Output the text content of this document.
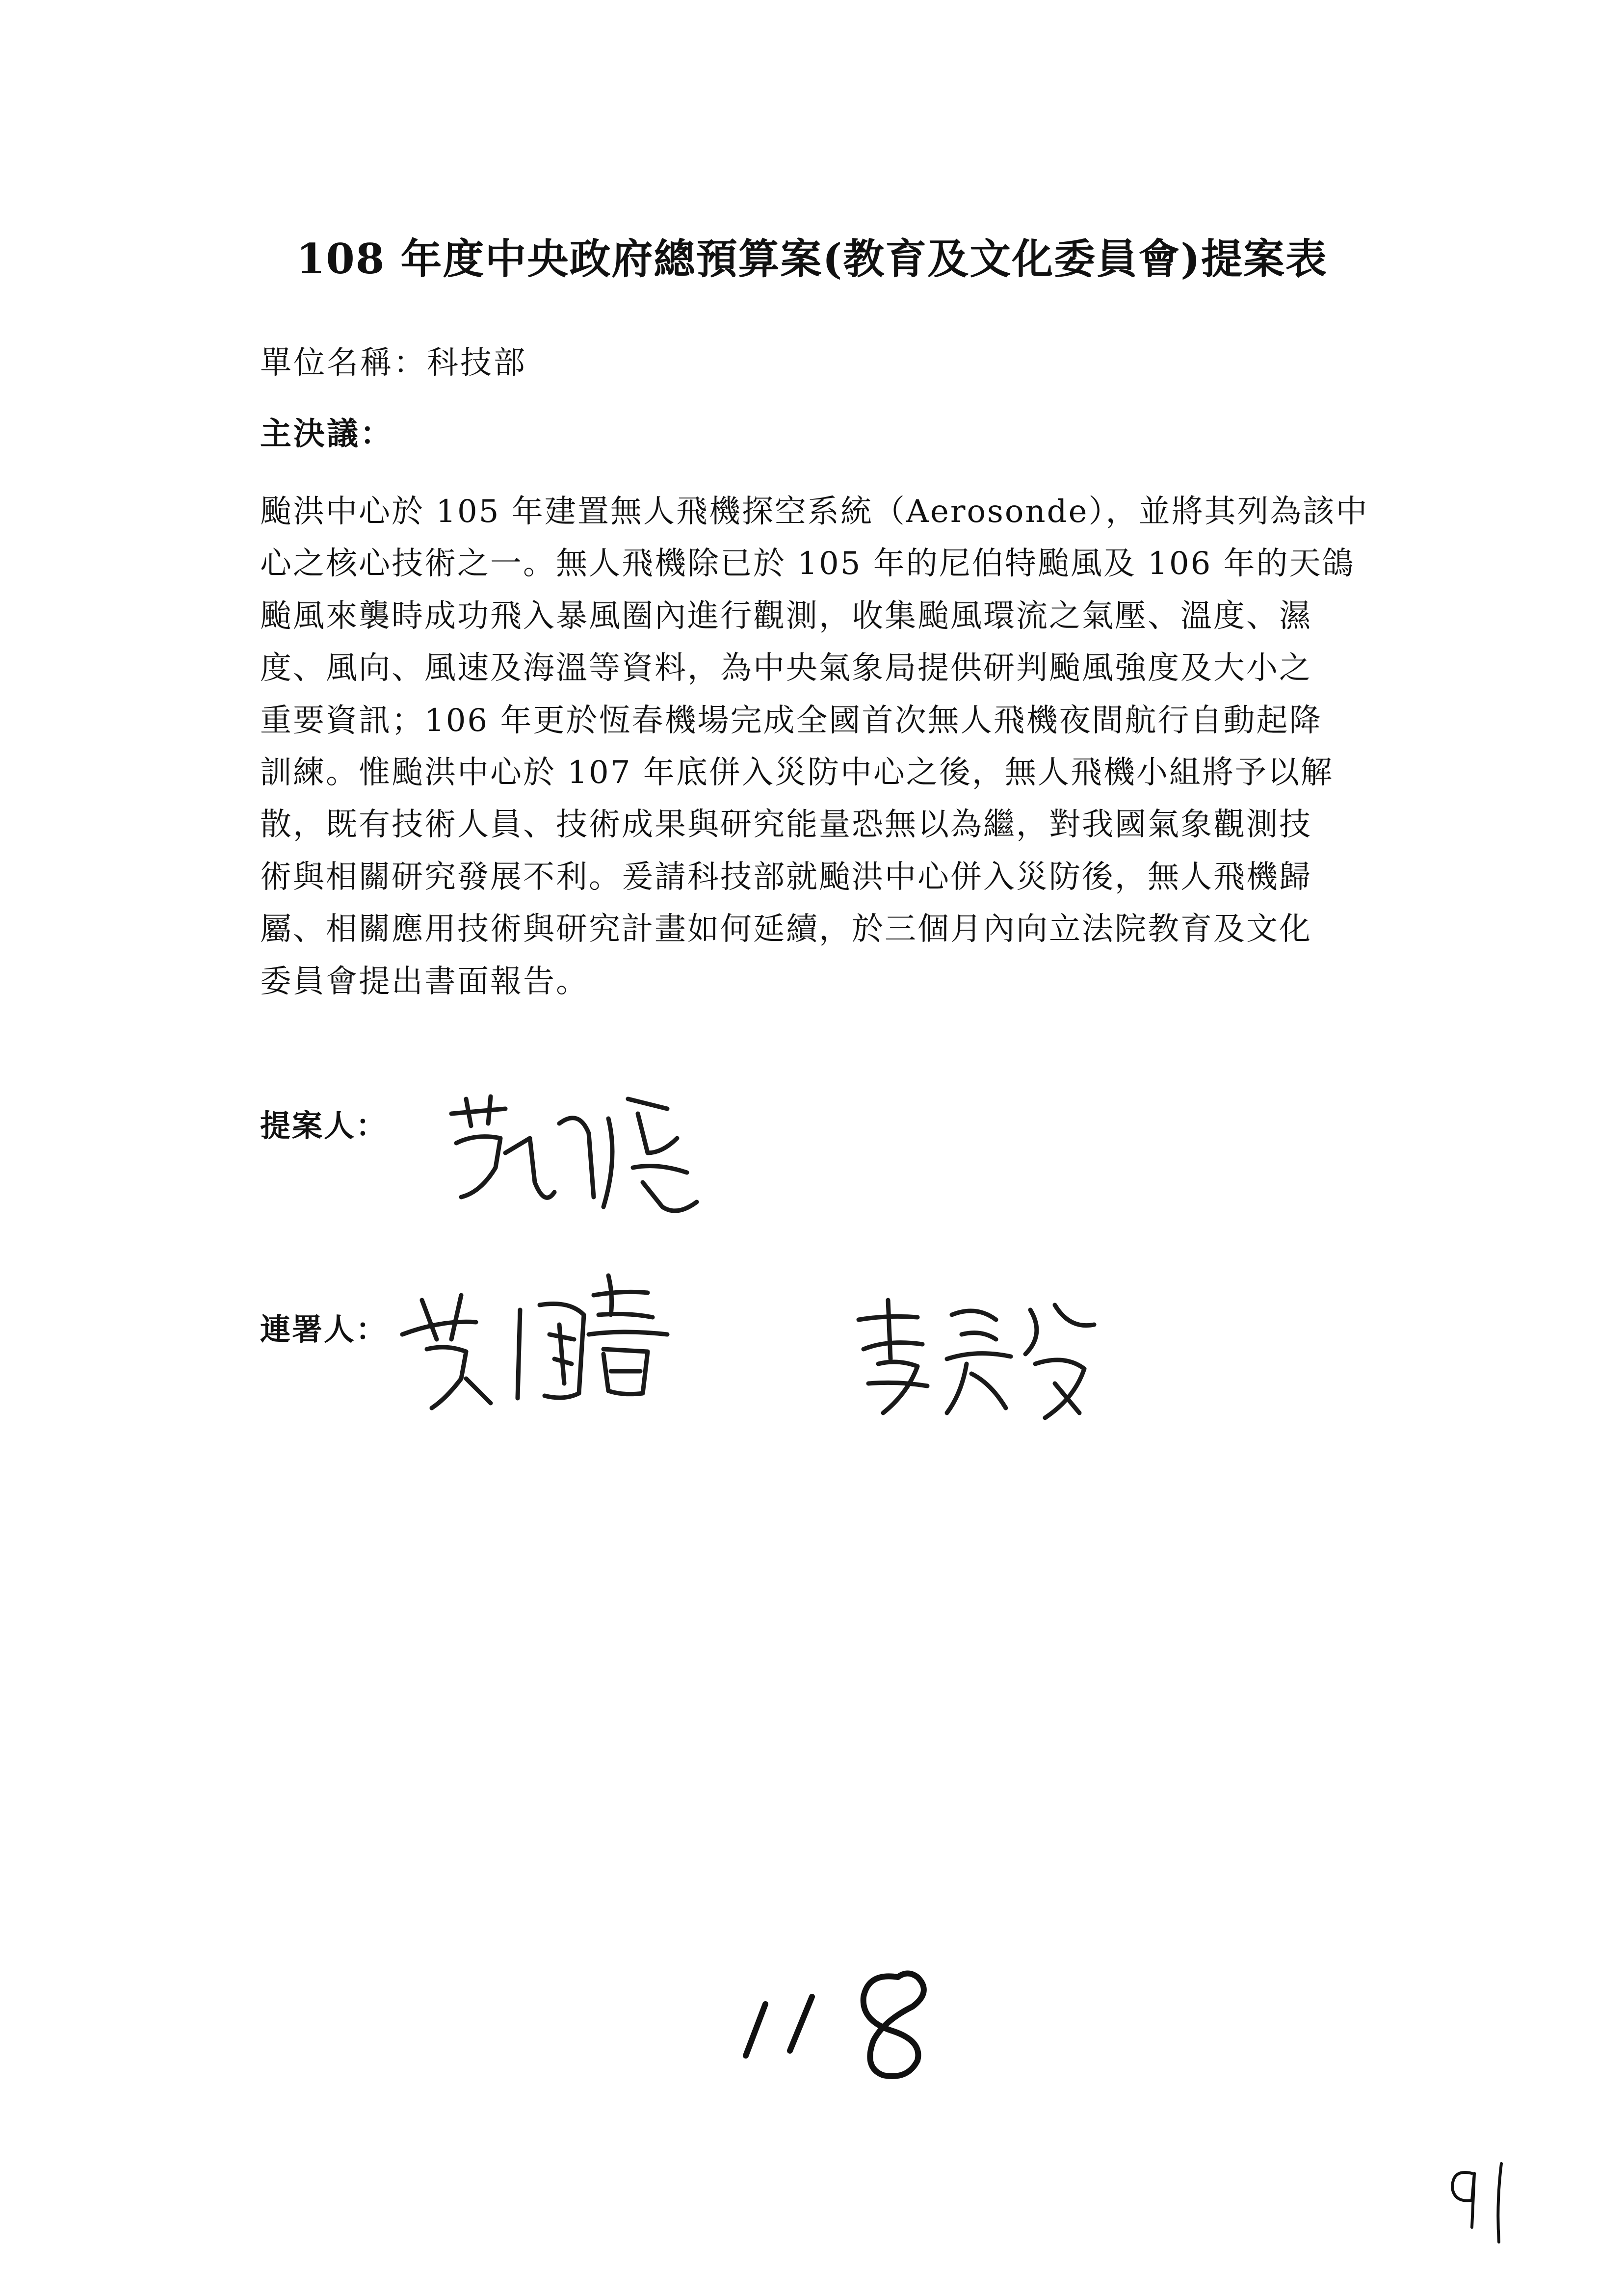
108 年度中央政府總預算案(教育及文化委員會)提案表
單位名稱：科技部
主決議：
颱洪中心於 105 年建置無人飛機探空系統（Aerosonde），並將其列為該中
心之核心技術之一。無人飛機除已於 105 年的尼伯特颱風及 106 年的天鴿
颱風來襲時成功飛入暴風圈內進行觀測，收集颱風環流之氣壓、溫度、濕
度、風向、風速及海溫等資料，為中央氣象局提供研判颱風強度及大小之
重要資訊；106 年更於恆春機場完成全國首次無人飛機夜間航行自動起降
訓練。惟颱洪中心於 107 年底併入災防中心之後，無人飛機小組將予以解
散，既有技術人員、技術成果與研究能量恐無以為繼，對我國氣象觀測技
術與相關研究發展不利。爰請科技部就颱洪中心併入災防後，無人飛機歸
屬、相關應用技術與研究計畫如何延續，於三個月內向立法院教育及文化
委員會提出書面報告。
提案人：
連署人：
